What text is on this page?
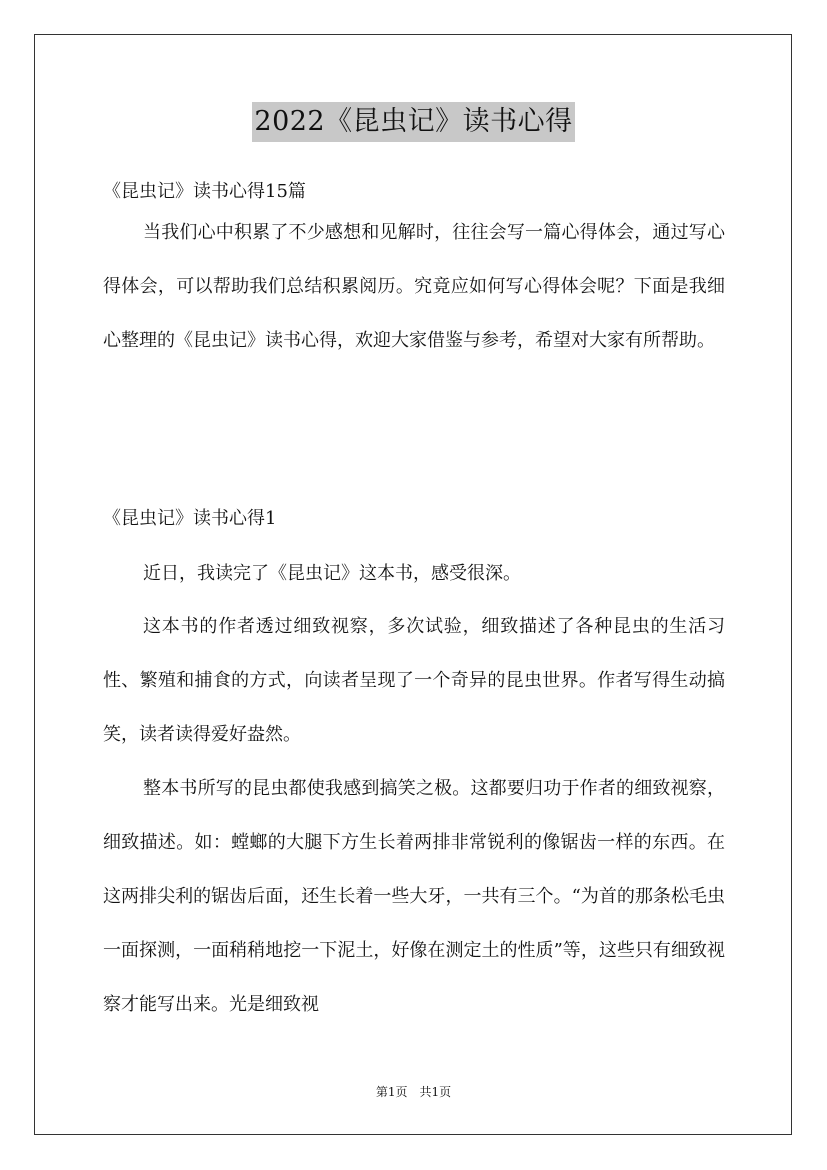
2022《昆虫记》读书心得
《昆虫记》读书心得15篇

当我们心中积累了不少感想和见解时，往往会写一篇心得体会，通过写心得体会，可以帮助我们总结积累阅历。究竟应如何写心得体会呢？下面是我细心整理的《昆虫记》读书心得，欢迎大家借鉴与参考，希望对大家有所帮助。

《昆虫记》读书心得1

近日，我读完了《昆虫记》这本书，感受很深。

这本书的作者透过细致视察，多次试验，细致描述了各种昆虫的生活习性、繁殖和捕食的方式，向读者呈现了一个奇异的昆虫世界。作者写得生动搞笑，读者读得爱好盎然。

整本书所写的昆虫都使我感到搞笑之极。这都要归功于作者的细致视察，细致描述。如：螳螂的大腿下方生长着两排非常锐利的像锯齿一样的东西。在这两排尖利的锯齿后面，还生长着一些大牙，一共有三个。“为首的那条松毛虫一面探测，一面稍稍地挖一下泥土，好像在测定土的性质”等，这些只有细致视察才能写出来。光是细致视

第1页　共1页
